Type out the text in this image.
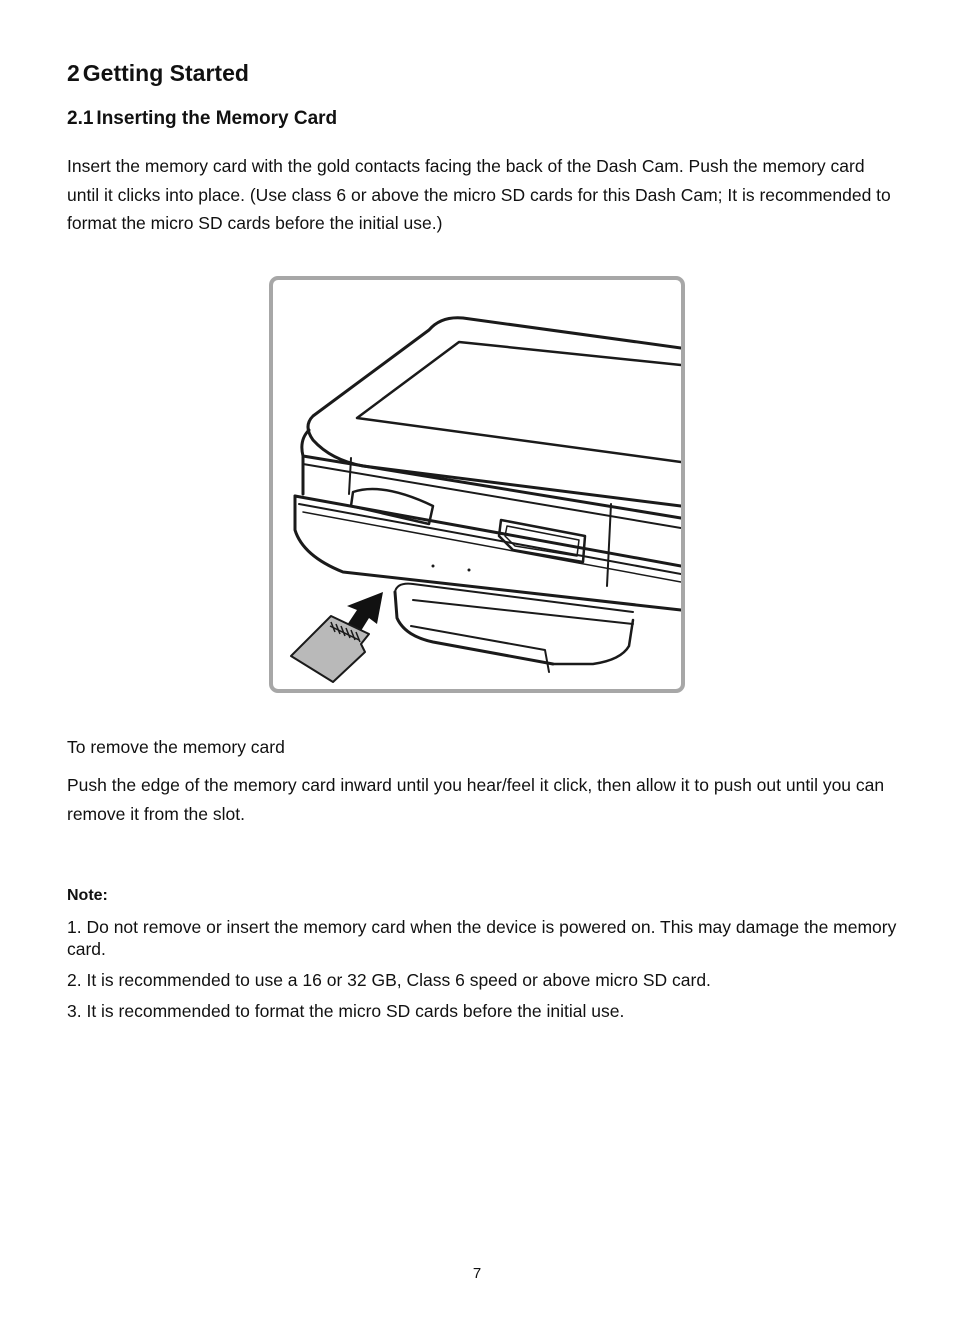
2 Getting Started
2.1 Inserting the Memory Card
Insert the memory card with the gold contacts facing the back of the Dash Cam. Push the memory card until it clicks into place. (Use class 6 or above the micro SD cards for this Dash Cam; It is recommended to format the micro SD cards before the initial use.)
To remove the memory card
Push the edge of the memory card inward until you hear/feel it click, then allow it to push out until you can remove it from the slot.
Note:
1. Do not remove or insert the memory card when the device is powered on. This may damage the memory card.
2. It is recommended to use a 16 or 32 GB, Class 6 speed or above micro SD card.
3. It is recommended to format the micro SD cards before the initial use.
7
